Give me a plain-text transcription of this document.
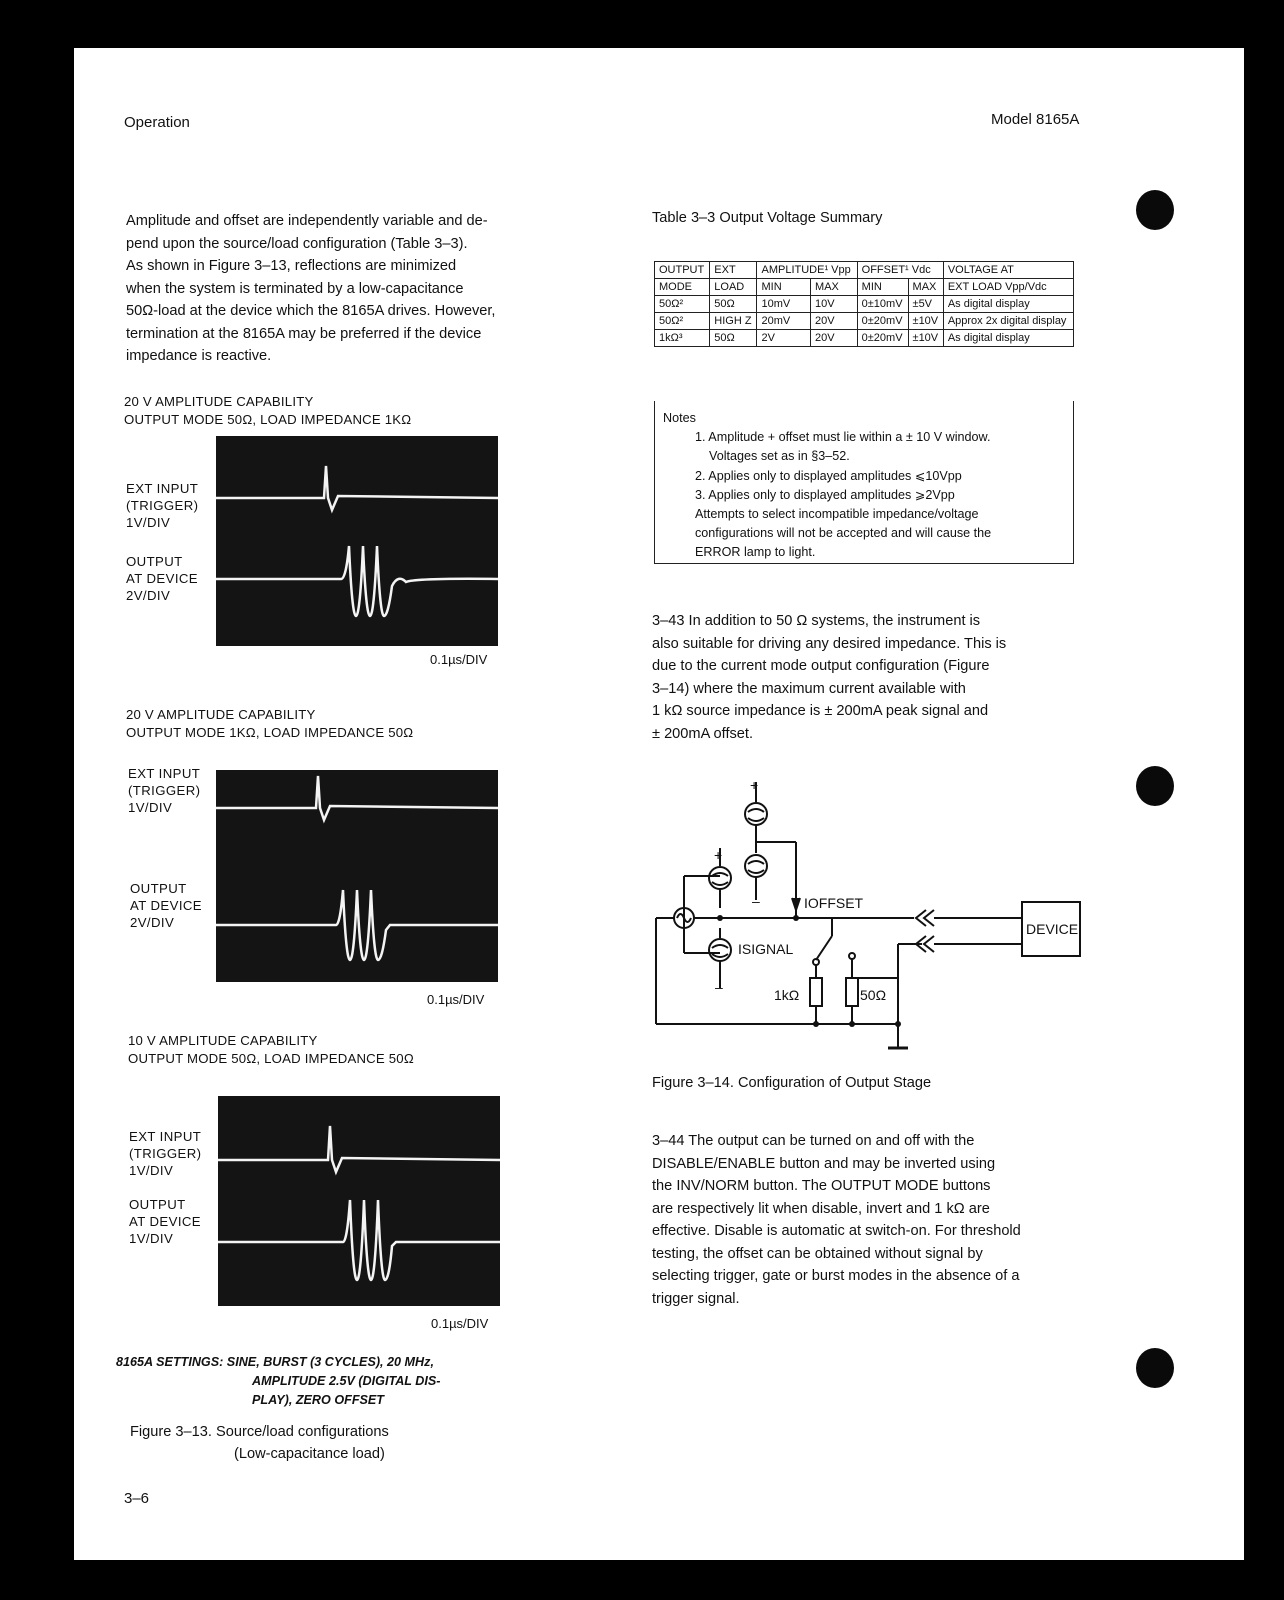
Operation	Model 8165A
Amplitude and offset are independently variable and de-
pend upon the source/load configuration (Table 3–3).
As shown in Figure 3–13, reflections are minimized
when the system is terminated by a low-capacitance
50Ω-load at the device which the 8165A drives. However,
termination at the 8165A may be preferred if the device
impedance is reactive.
20 V AMPLITUDE CAPABILITY
OUTPUT MODE 50Ω, LOAD IMPEDANCE 1KΩ
EXT INPUT
(TRIGGER)
1V/DIV
OUTPUT
AT DEVICE
2V/DIV
0.1µs/DIV
20 V AMPLITUDE CAPABILITY
OUTPUT MODE 1KΩ, LOAD IMPEDANCE 50Ω
EXT INPUT
(TRIGGER)
1V/DIV
OUTPUT
AT DEVICE
2V/DIV
0.1µs/DIV
10 V AMPLITUDE CAPABILITY
OUTPUT MODE 50Ω, LOAD IMPEDANCE 50Ω
EXT INPUT
(TRIGGER)
1V/DIV
OUTPUT
AT DEVICE
1V/DIV
0.1µs/DIV
8165A SETTINGS: SINE, BURST (3 CYCLES), 20 MHz,
AMPLITUDE 2.5V (DIGITAL DIS-
PLAY), ZERO OFFSET
Figure 3–13. Source/load configurations
(Low-capacitance load)
3–6
Table 3–3 Output Voltage Summary
OUTPUT	EXT	AMPLITUDE¹ Vpp		OFFSET¹ Vdc		VOLTAGE AT
MODE	LOAD	MIN	MAX	MIN	MAX	EXT LOAD Vpp/Vdc
50Ω²	50Ω	10mV	10V	0±10mV	±5V	As digital display
50Ω²	HIGH Z	20mV	20V	0±20mV	±10V	Approx 2x digital display
1kΩ³	50Ω	2V	20V	0±20mV	±10V	As digital display
Notes
1. Amplitude + offset must lie within a ± 10 V window.
Voltages set as in §3–52.
2. Applies only to displayed amplitudes ⩽10Vpp
3. Applies only to displayed amplitudes ⩾2Vpp
Attempts to select incompatible impedance/voltage
configurations will not be accepted and will cause the
ERROR lamp to light.
3–43 In addition to 50 Ω systems, the instrument is
also suitable for driving any desired impedance. This is
due to the current mode output configuration (Figure
3–14) where the maximum current available with
1 kΩ source impedance is ± 200mA peak signal and
± 200mA offset.
+
+
–
–
IOFFSET
ISIGNAL
1kΩ	50Ω
DEVICE
Figure 3–14. Configuration of Output Stage
3–44 The output can be turned on and off with the
DISABLE/ENABLE button and may be inverted using
the INV/NORM button. The OUTPUT MODE buttons
are respectively lit when disable, invert and 1 kΩ are
effective. Disable is automatic at switch-on. For threshold
testing, the offset can be obtained without signal by
selecting trigger, gate or burst modes in the absence of a
trigger signal.
